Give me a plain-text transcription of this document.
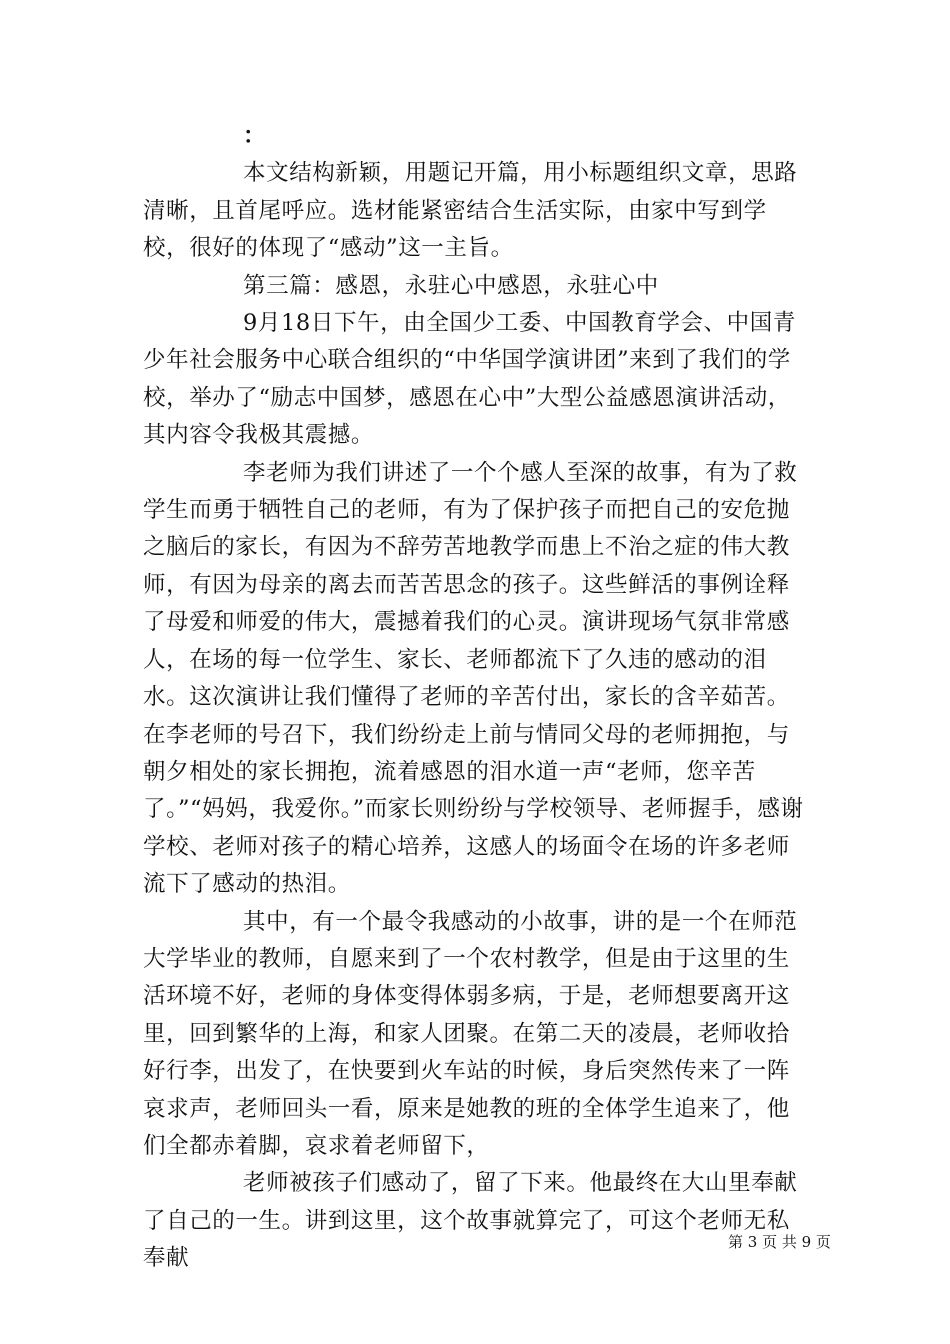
：

本文结构新颖，用题记开篇，用小标题组织文章，思路清晰，且首尾呼应。选材能紧密结合生活实际，由家中写到学校，很好的体现了“感动”这一主旨。

第三篇：感恩，永驻心中感恩，永驻心中

9月18日下午，由全国少工委、中国教育学会、中国青少年社会服务中心联合组织的“中华国学演讲团”来到了我们的学校，举办了“励志中国梦，感恩在心中”大型公益感恩演讲活动，其内容令我极其震撼。

李老师为我们讲述了一个个感人至深的故事，有为了救学生而勇于牺牲自己的老师，有为了保护孩子而把自己的安危抛之脑后的家长，有因为不辞劳苦地教学而患上不治之症的伟大教师，有因为母亲的离去而苦苦思念的孩子。这些鲜活的事例诠释了母爱和师爱的伟大，震撼着我们的心灵。演讲现场气氛非常感人，在场的每一位学生、家长、老师都流下了久违的感动的泪水。这次演讲让我们懂得了老师的辛苦付出，家长的含辛茹苦。在李老师的号召下，我们纷纷走上前与情同父母的老师拥抱，与朝夕相处的家长拥抱，流着感恩的泪水道一声“老师，您辛苦了。”“妈妈，我爱你。”而家长则纷纷与学校领导、老师握手，感谢学校、老师对孩子的精心培养，这感人的场面令在场的许多老师流下了感动的热泪。

其中，有一个最令我感动的小故事，讲的是一个在师范大学毕业的教师，自愿来到了一个农村教学，但是由于这里的生活环境不好，老师的身体变得体弱多病，于是，老师想要离开这里，回到繁华的上海，和家人团聚。在第二天的凌晨，老师收拾好行李，出发了，在快要到火车站的时候，身后突然传来了一阵哀求声，老师回头一看，原来是她教的班的全体学生追来了，他们全都赤着脚，哀求着老师留下，

老师被孩子们感动了，留了下来。他最终在大山里奉献了自己的一生。讲到这里，这个故事就算完了，可这个老师无私奉献

第 3 页 共 9 页
